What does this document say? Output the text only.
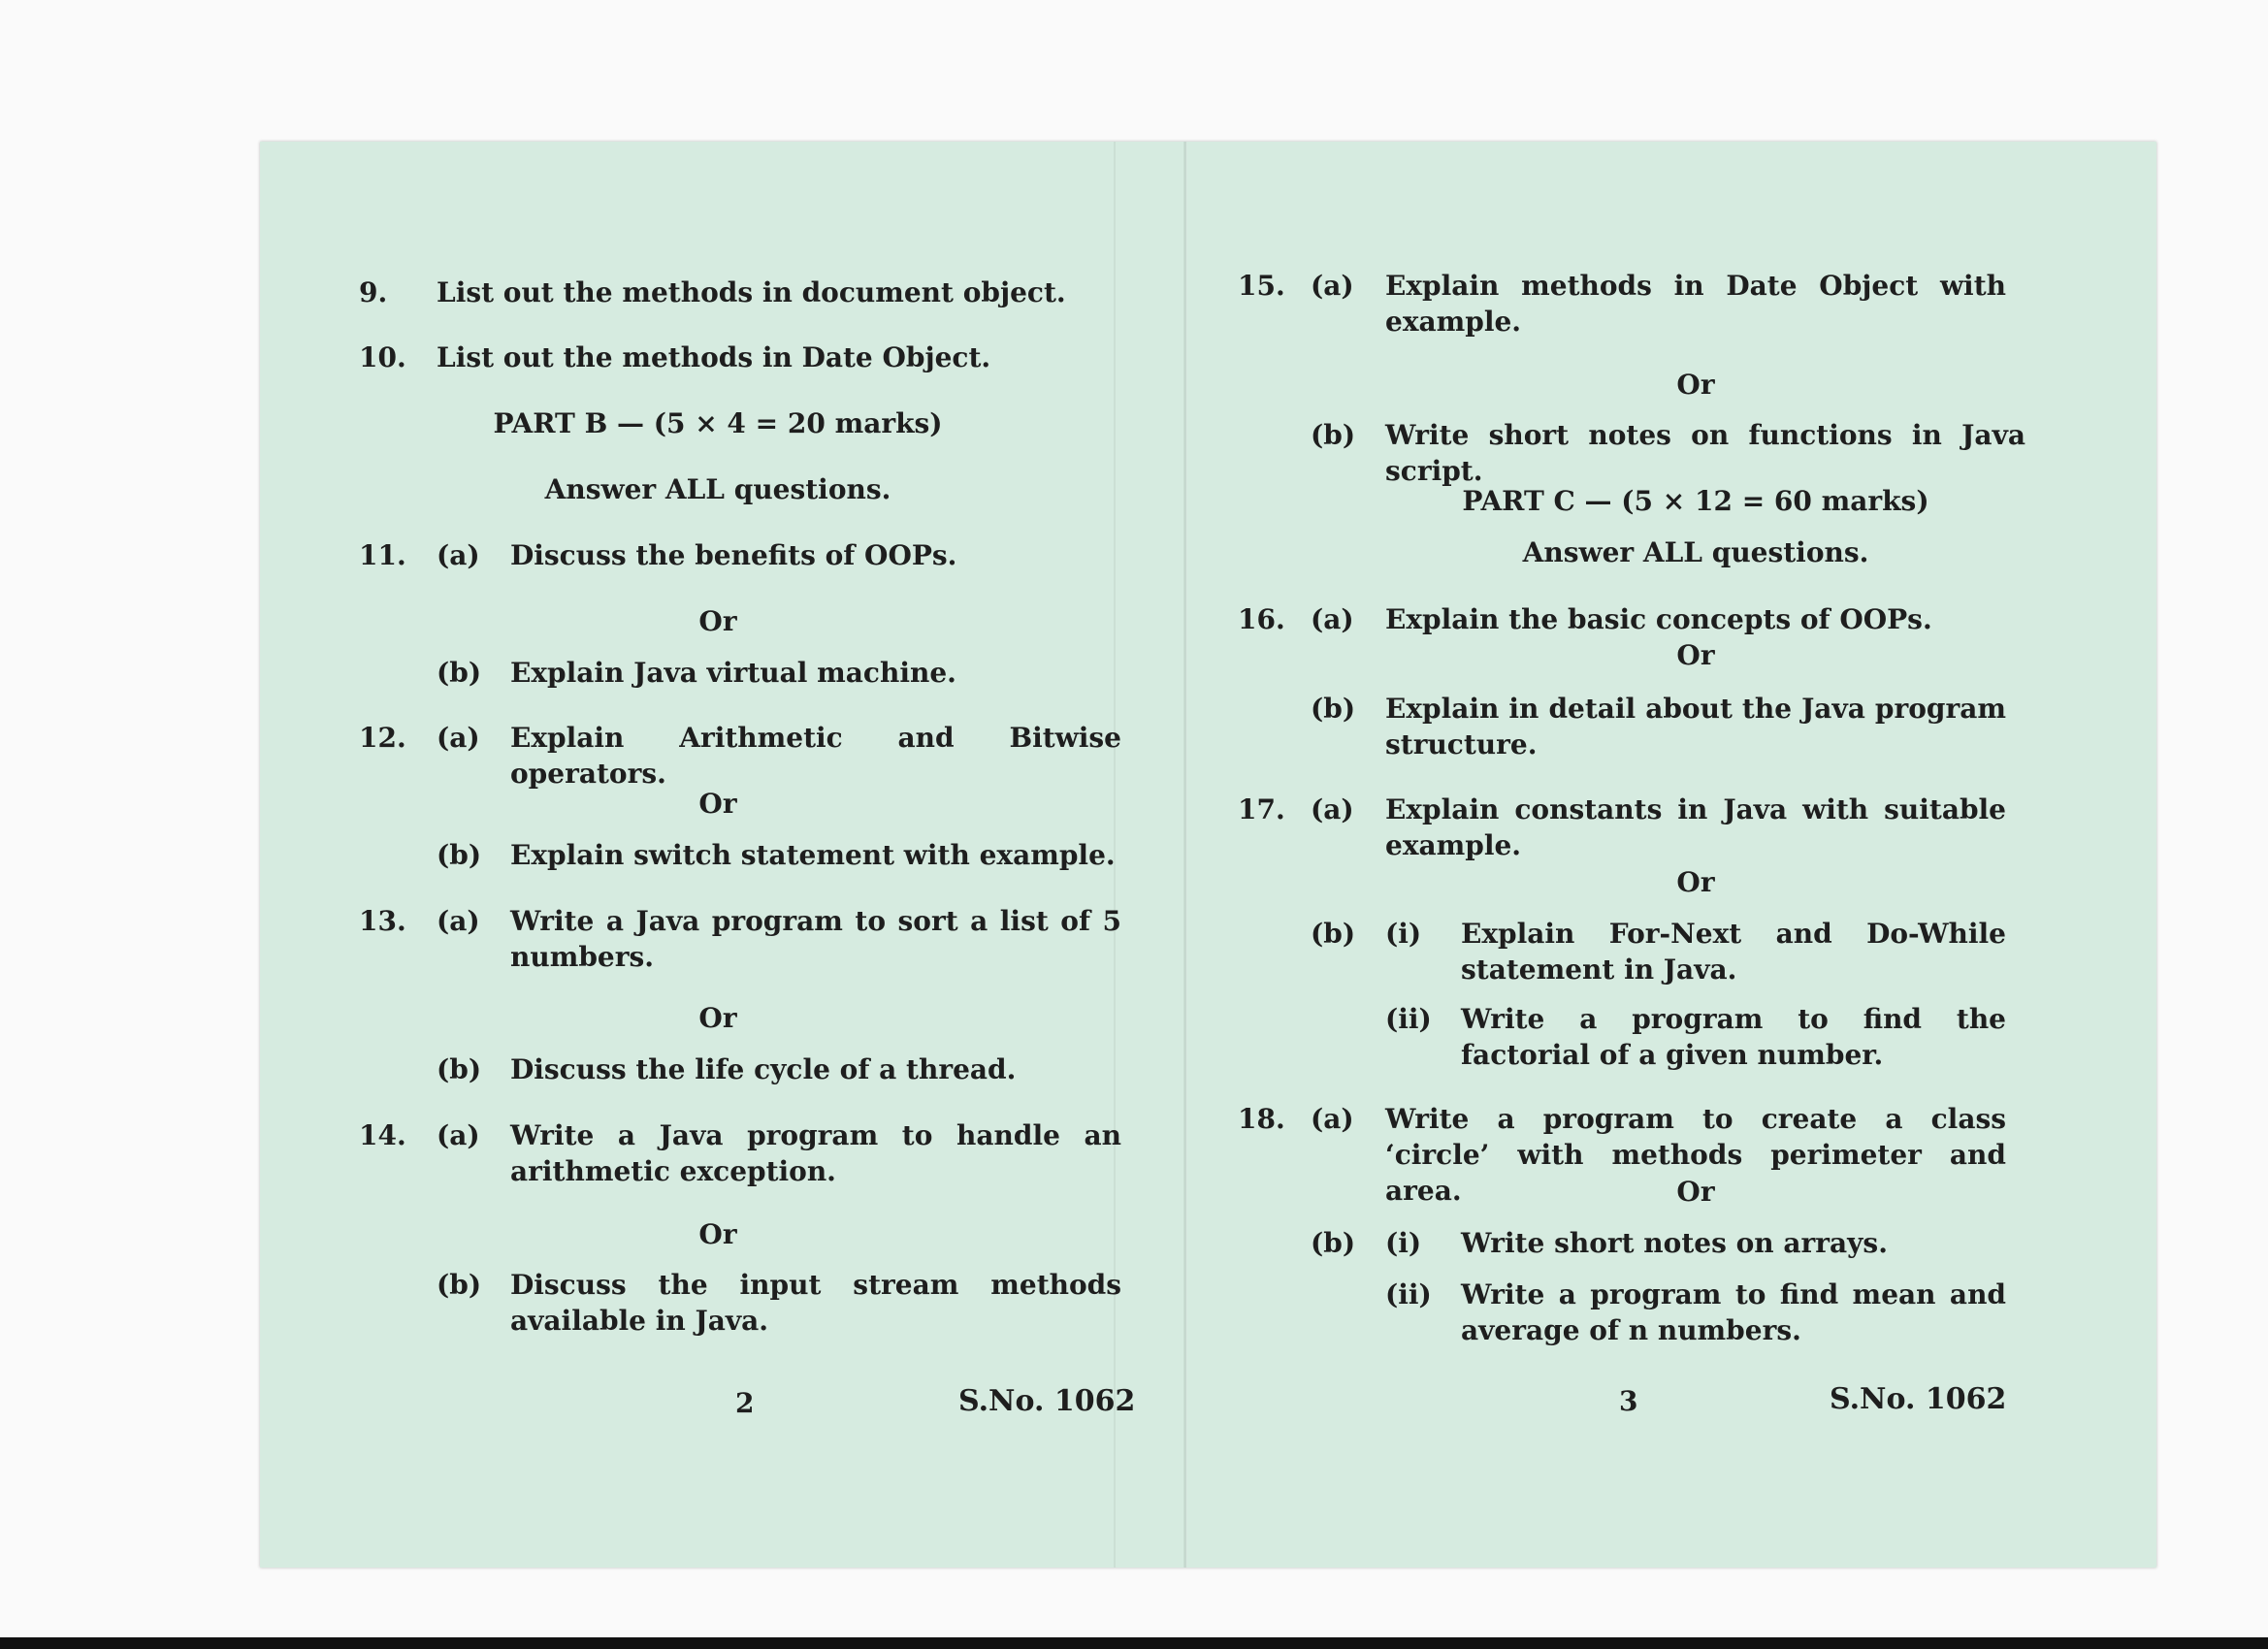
9. List out the methods in document object.
10. List out the methods in Date Object.
PART B — (5 × 4 = 20 marks)
Answer ALL questions.
11. (a) Discuss the benefits of OOPs.
Or
(b) Explain Java virtual machine.
12. (a) Explain Arithmetic and Bitwise operators.
Or
(b) Explain switch statement with example.
13. (a) Write a Java program to sort a list of 5 numbers.
Or
(b) Discuss the life cycle of a thread.
14. (a) Write a Java program to handle an arithmetic exception.
Or
(b) Discuss the input stream methods available in Java.
2	S.No. 1062
15. (a) Explain methods in Date Object with example.
Or
(b) Write short notes on functions in Java script.
PART C — (5 × 12 = 60 marks)
Answer ALL questions.
16. (a) Explain the basic concepts of OOPs.
Or
(b) Explain in detail about the Java program structure.
17. (a) Explain constants in Java with suitable example.
Or
(b) (i) Explain For-Next and Do-While statement in Java.
(ii) Write a program to find the factorial of a given number.
18. (a) Write a program to create a class ‘circle’ with methods perimeter and area.	Or
(b) (i) Write short notes on arrays.
(ii) Write a program to find mean and average of n numbers.
3	S.No. 1062
